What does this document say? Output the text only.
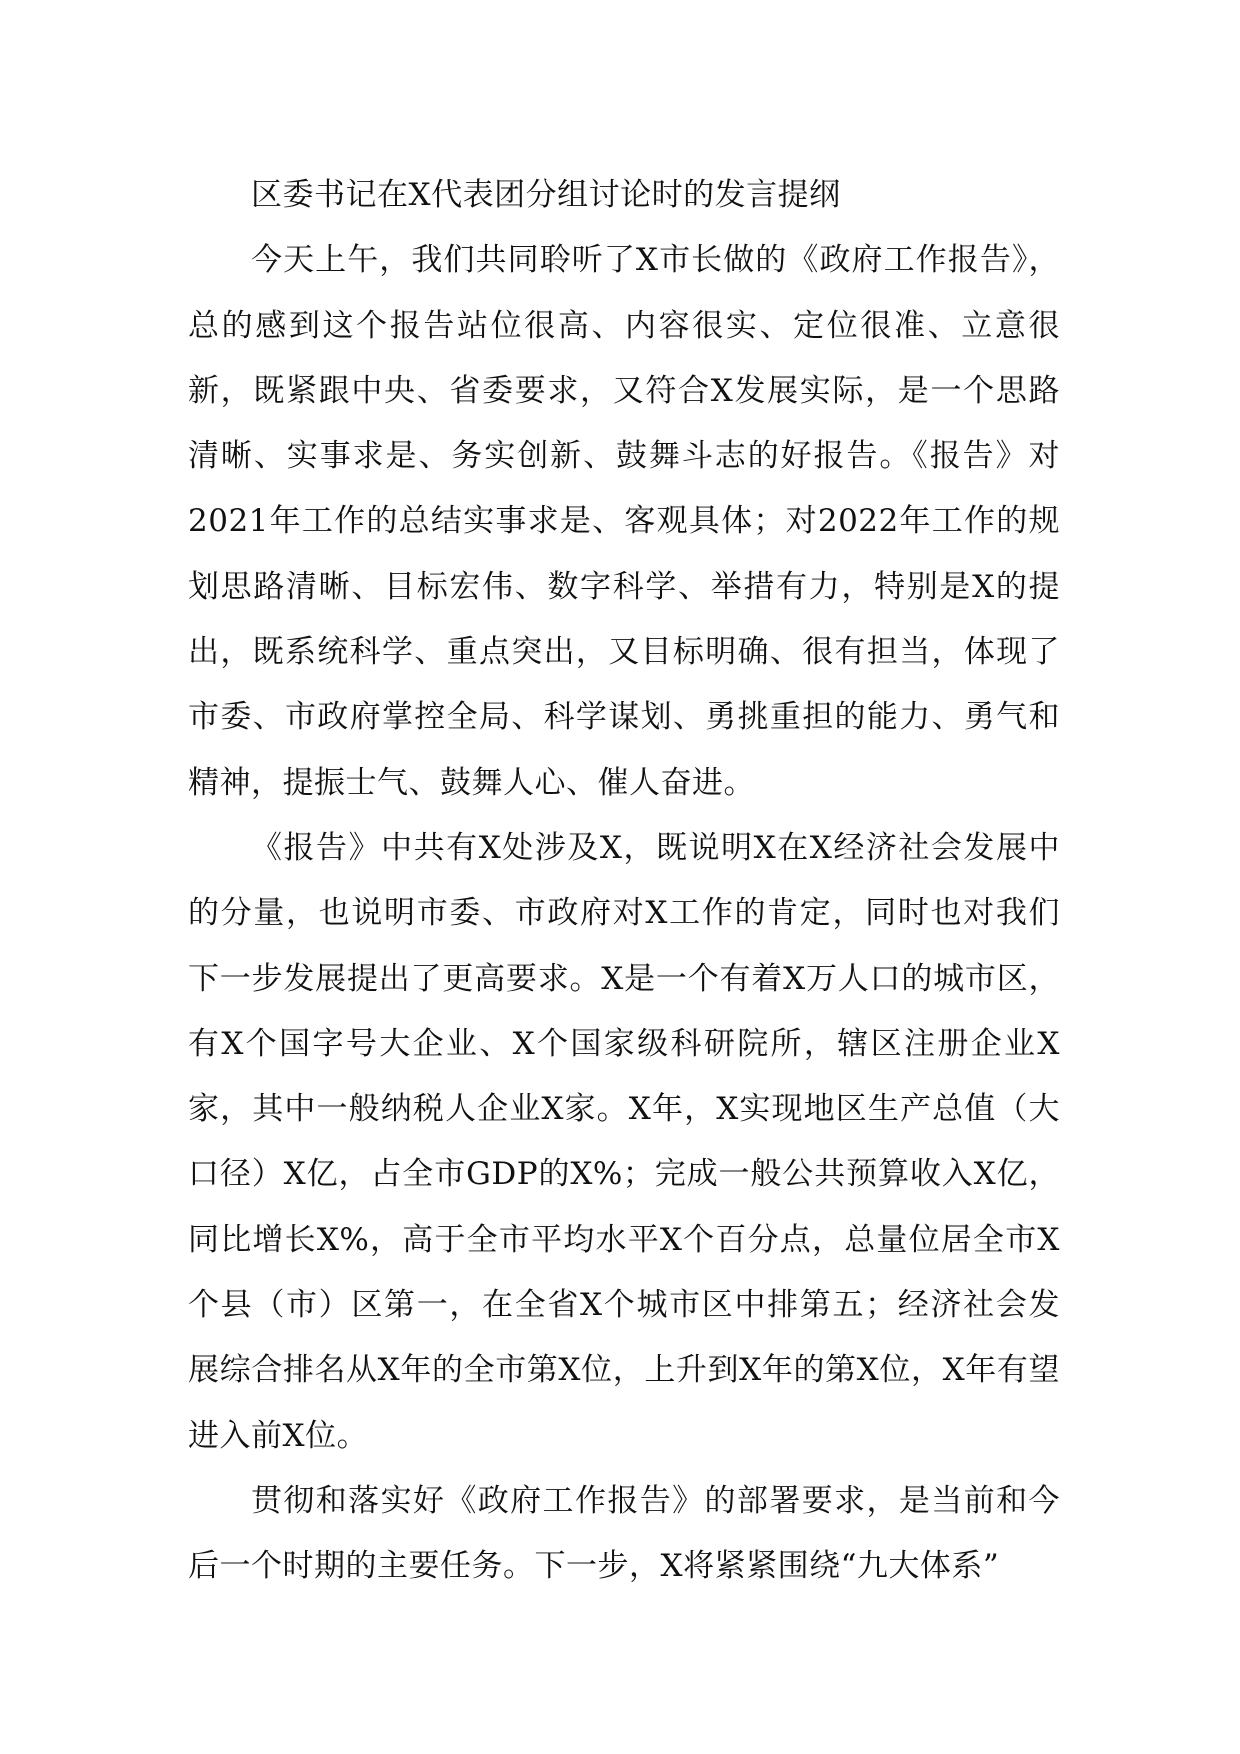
区委书记在X代表团分组讨论时的发言提纲

今天上午，我们共同聆听了X市长做的《政府工作报告》，总的感到这个报告站位很高、内容很实、定位很准、立意很新，既紧跟中央、省委要求，又符合X发展实际，是一个思路清晰、实事求是、务实创新、鼓舞斗志的好报告。《报告》对2021年工作的总结实事求是、客观具体；对2022年工作的规划思路清晰、目标宏伟、数字科学、举措有力，特别是X的提出，既系统科学、重点突出，又目标明确、很有担当，体现了市委、市政府掌控全局、科学谋划、勇挑重担的能力、勇气和精神，提振士气、鼓舞人心、催人奋进。

《报告》中共有X处涉及X，既说明X在X经济社会发展中的分量，也说明市委、市政府对X工作的肯定，同时也对我们下一步发展提出了更高要求。X是一个有着X万人口的城市区，有X个国字号大企业、X个国家级科研院所，辖区注册企业X家，其中一般纳税人企业X家。X年，X实现地区生产总值（大口径）X亿，占全市GDP的X%；完成一般公共预算收入X亿，同比增长X%，高于全市平均水平X个百分点，总量位居全市X个县（市）区第一，在全省X个城市区中排第五；经济社会发展综合排名从X年的全市第X位，上升到X年的第X位，X年有望进入前X位。

贯彻和落实好《政府工作报告》的部署要求，是当前和今后一个时期的主要任务。下一步，X将紧紧围绕“九大体系”
